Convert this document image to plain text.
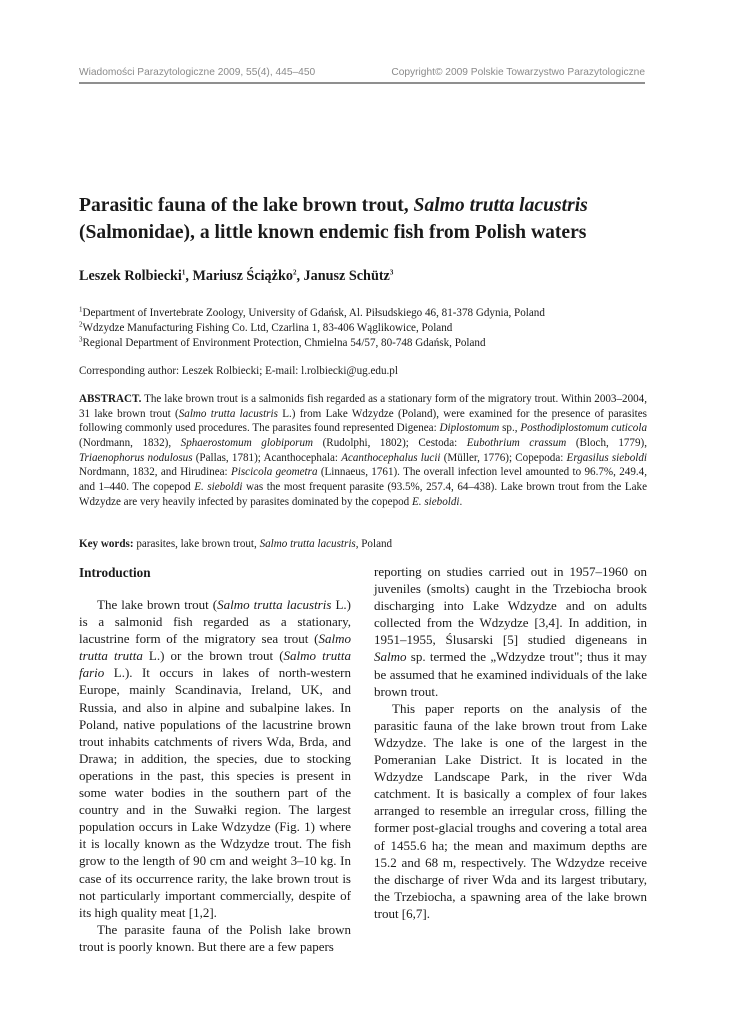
Wiadomości Parazytologiczne 2009, 55(4), 445–450	Copyright© 2009 Polskie Towarzystwo Parazytologiczne
Parasitic fauna of the lake brown trout, Salmo trutta lacustris (Salmonidae), a little known endemic fish from Polish waters

Leszek Rolbiecki$^1$, Mariusz Ściążko$^2$, Janusz Schütz$^3$

$^1$Department of Invertebrate Zoology, University of Gdańsk, Al. Piłsudskiego 46, 81-378 Gdynia, Poland
$^2$Wdzydze Manufacturing Fishing Co. Ltd, Czarlina 1, 83-406 Wąglikowice, Poland
$^3$Regional Department of Environment Protection, Chmielna 54/57, 80-748 Gdańsk, Poland

Corresponding author: Leszek Rolbiecki; E-mail: l.rolbiecki@ug.edu.pl

ABSTRACT. The lake brown trout is a salmonids fish regarded as a stationary form of the migratory trout. Within 2003–2004, 31 lake brown trout (Salmo trutta lacustris L.) from Lake Wdzydze (Poland), were examined for the presence of parasites following commonly used procedures. The parasites found represented Digenea: Diplostomum sp., Posthodiplostomum cuticola (Nordmann, 1832), Sphaerostomum globiporum (Rudolphi, 1802); Cestoda: Eubothrium crassum (Bloch, 1779), Triaenophorus nodulosus (Pallas, 1781); Acanthocephala: Acanthocephalus lucii (Müller, 1776); Copepoda: Ergasilus sieboldi Nordmann, 1832, and Hirudinea: Piscicola geometra (Linnaeus, 1761). The overall infection level amounted to 96.7%, 249.4, and 1–440. The copepod E. sieboldi was the most frequent parasite (93.5%, 257.4, 64–438). Lake brown trout from the Lake Wdzydze are very heavily infected by parasites dominated by the copepod E. sieboldi.

Key words: parasites, lake brown trout, Salmo trutta lacustris, Poland

Introduction

The lake brown trout (Salmo trutta lacustris L.) is a salmonid fish regarded as a stationary, lacustrine form of the migratory sea trout (Salmo trutta trutta L.) or the brown trout (Salmo trutta fario L.). It occurs in lakes of north-western Europe, mainly Scandinavia, Ireland, UK, and Russia, and also in alpine and subalpine lakes. In Poland, native populations of the lacustrine brown trout inhabits catchments of rivers Wda, Brda, and Drawa; in addition, the species, due to stocking operations in the past, this species is present in some water bodies in the southern part of the country and in the Suwałki region. The largest population occurs in Lake Wdzydze (Fig. 1) where it is locally known as the Wdzydze trout. The fish grow to the length of 90 cm and weight 3–10 kg. In case of its occurrence rarity, the lake brown trout is not particularly important commercially, despite of its high quality meat [1,2].

The parasite fauna of the Polish lake brown trout is poorly known. But there are a few papers

reporting on studies carried out in 1957–1960 on juveniles (smolts) caught in the Trzebiocha brook discharging into Lake Wdzydze and on adults collected from the Wdzydze [3,4]. In addition, in 1951–1955, Ślusarski [5] studied digeneans in Salmo sp. termed the „Wdzydze trout"; thus it may be assumed that he examined individuals of the lake brown trout.

This paper reports on the analysis of the parasitic fauna of the lake brown trout from Lake Wdzydze. The lake is one of the largest in the Pomeranian Lake District. It is located in the Wdzydze Landscape Park, in the river Wda catchment. It is basically a complex of four lakes arranged to resemble an irregular cross, filling the former post-glacial troughs and covering a total area of 1455.6 ha; the mean and maximum depths are 15.2 and 68 m, respectively. The Wdzydze receive the discharge of river Wda and its largest tributary, the Trzebiocha, a spawning area of the lake brown trout [6,7].
